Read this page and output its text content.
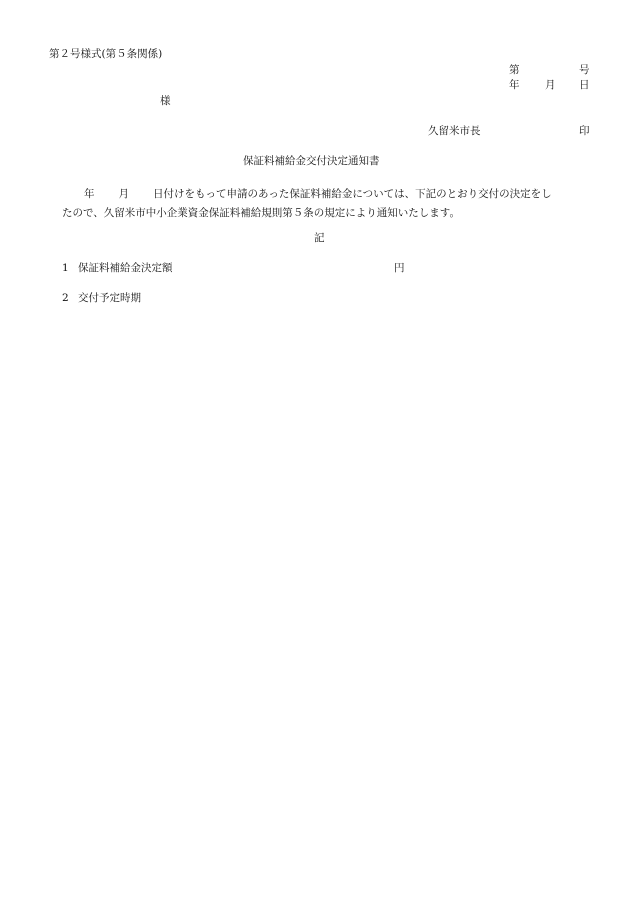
第２号様式(第５条関係)
第	号
年 月 日
様
久留米市長	印
保証料補給金交付決定通知書
年 月 日付けをもって申請のあった保証料補給金については、下記のとおり交付の決定をし
たので、久留米市中小企業資金保証料補給規則第５条の規定により通知いたします。
記
1 保証料補給金決定額	円
2 交付予定時期
